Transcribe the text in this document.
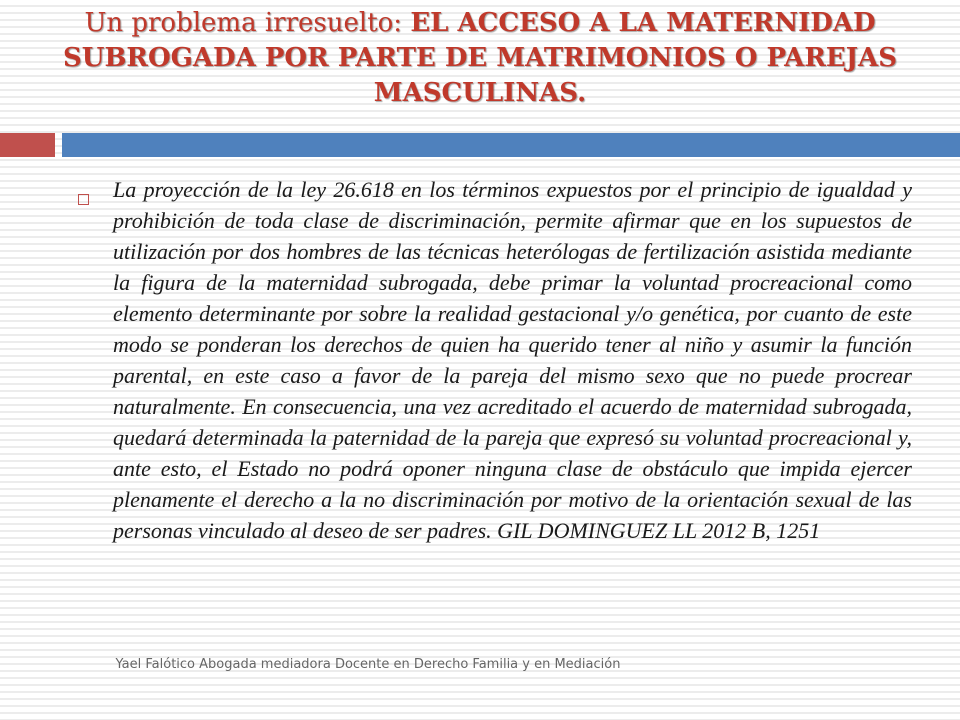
Un problema irresuelto: EL ACCESO A LA MATERNIDAD SUBROGADA POR PARTE DE MATRIMONIOS O PAREJAS MASCULINAS.

La proyección de la ley 26.618 en los términos expuestos por el principio de igualdad y prohibición de toda clase de discriminación, permite afirmar que en los supuestos de utilización por dos hombres de las técnicas heterólogas de fertilización asistida mediante la figura de la maternidad subrogada, debe primar la voluntad procreacional como elemento determinante por sobre la realidad gestacional y/o genética, por cuanto de este modo se ponderan los derechos de quien ha querido tener al niño y asumir la función parental, en este caso a favor de la pareja del mismo sexo que no puede procrear naturalmente. En consecuencia, una vez acreditado el acuerdo de maternidad subrogada, quedará determinada la paternidad de la pareja que expresó su voluntad procreacional y, ante esto, el Estado no podrá oponer ninguna clase de obstáculo que impida ejercer plenamente el derecho a la no discriminación por motivo de la orientación sexual de las personas vinculado al deseo de ser padres. GIL DOMINGUEZ LL 2012 B, 1251

Yael Falótico Abogada mediadora Docente en Derecho Familia y en Mediación
